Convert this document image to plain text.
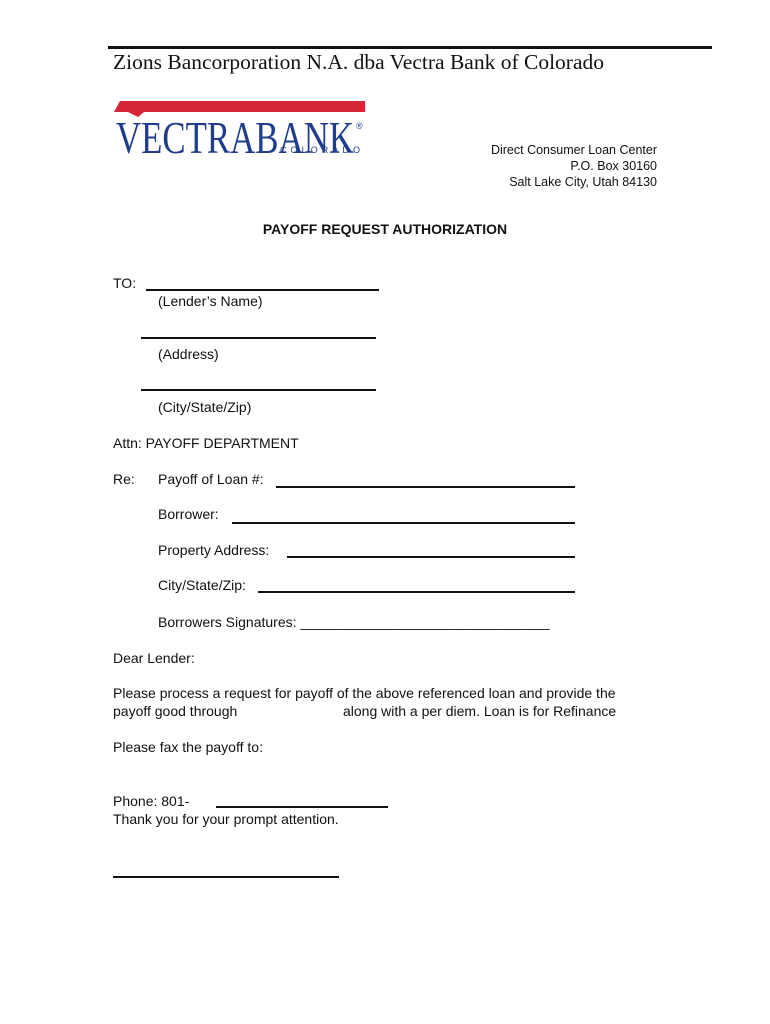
Zions Bancorporation N.A. dba Vectra Bank of Colorado
VECTRABANK ®
COLORADO	Direct Consumer Loan Center
P.O. Box 30160
Salt Lake City, Utah 84130
PAYOFF REQUEST AUTHORIZATION
TO:
(Lender’s Name)
(Address)
(City/State/Zip)
Attn: PAYOFF DEPARTMENT
Re: Payoff of Loan #:
Borrower:
Property Address:
City/State/Zip:
Borrowers Signatures: ________________________________
Dear Lender:
Please process a request for payoff of the above referenced loan and provide the
payoff good through	along with a per diem. Loan is for Refinance
Please fax the payoff to:
Phone: 801-
Thank you for your prompt attention.
